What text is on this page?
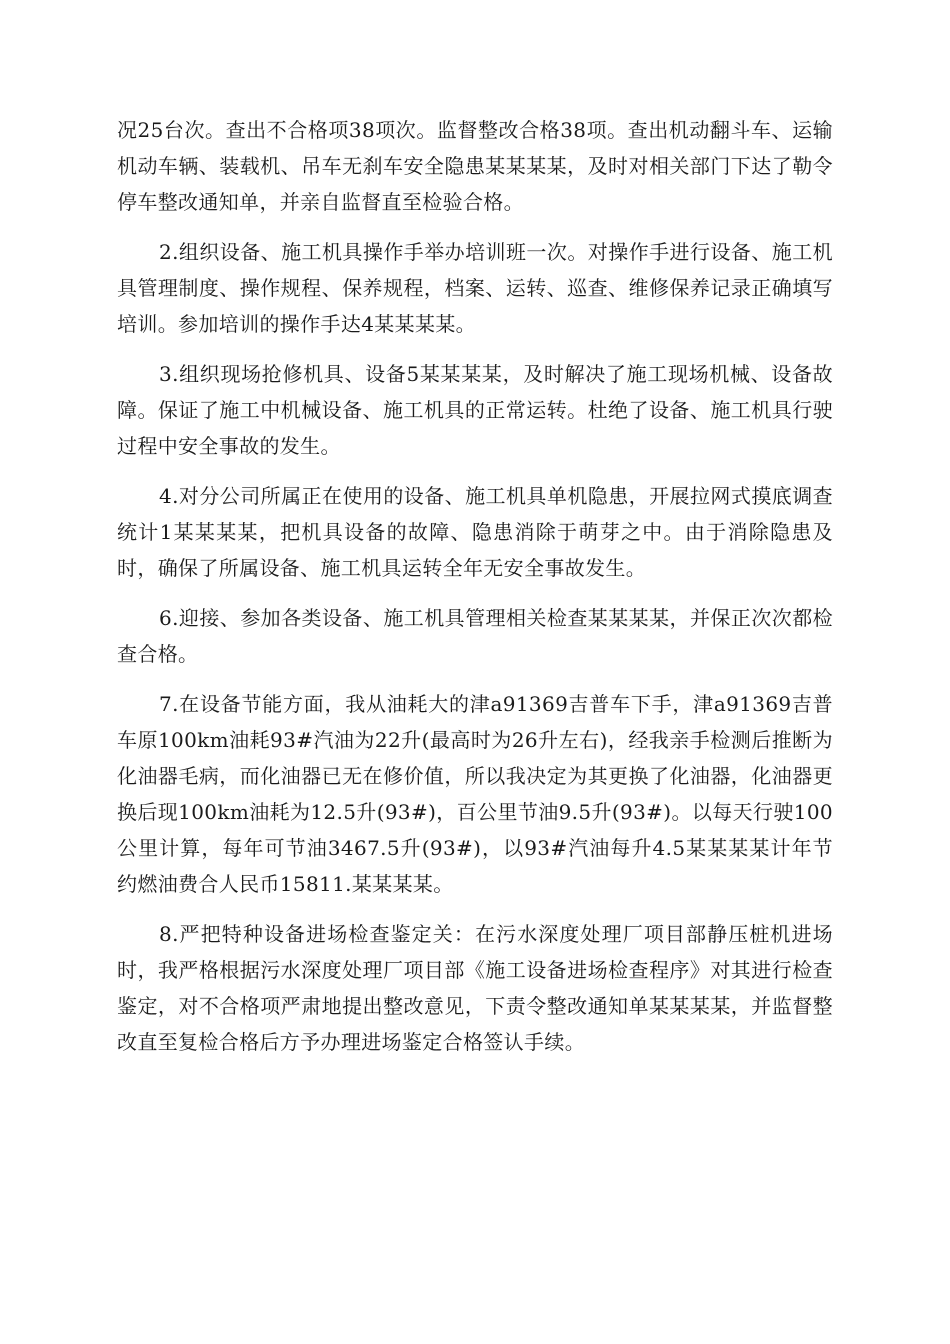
况25台次。查出不合格项38项次。监督整改合格38项。查出机动翻斗车、运输机动车辆、装载机、吊车无刹车安全隐患某某某某，及时对相关部门下达了勒令停车整改通知单，并亲自监督直至检验合格。

2.组织设备、施工机具操作手举办培训班一次。对操作手进行设备、施工机具管理制度、操作规程、保养规程，档案、运转、巡查、维修保养记录正确填写培训。参加培训的操作手达4某某某某。

3.组织现场抢修机具、设备5某某某某，及时解决了施工现场机械、设备故障。保证了施工中机械设备、施工机具的正常运转。杜绝了设备、施工机具行驶过程中安全事故的发生。

4.对分公司所属正在使用的设备、施工机具单机隐患，开展拉网式摸底调查统计1某某某某，把机具设备的故障、隐患消除于萌芽之中。由于消除隐患及时，确保了所属设备、施工机具运转全年无安全事故发生。

6.迎接、参加各类设备、施工机具管理相关检查某某某某，并保正次次都检查合格。

7.在设备节能方面，我从油耗大的津a91369吉普车下手，津a91369吉普车原100km油耗93#汽油为22升(最高时为26升左右)，经我亲手检测后推断为化油器毛病，而化油器已无在修价值，所以我决定为其更换了化油器，化油器更换后现100km油耗为12.5升(93#)，百公里节油9.5升(93#)。以每天行驶100公里计算，每年可节油3467.5升(93#)，以93#汽油每升4.5某某某某计年节约燃油费合人民币15811.某某某某。

8.严把特种设备进场检查鉴定关：在污水深度处理厂项目部静压桩机进场时，我严格根据污水深度处理厂项目部《施工设备进场检查程序》对其进行检查鉴定，对不合格项严肃地提出整改意见，下责令整改通知单某某某某，并监督整改直至复检合格后方予办理进场鉴定合格签认手续。
